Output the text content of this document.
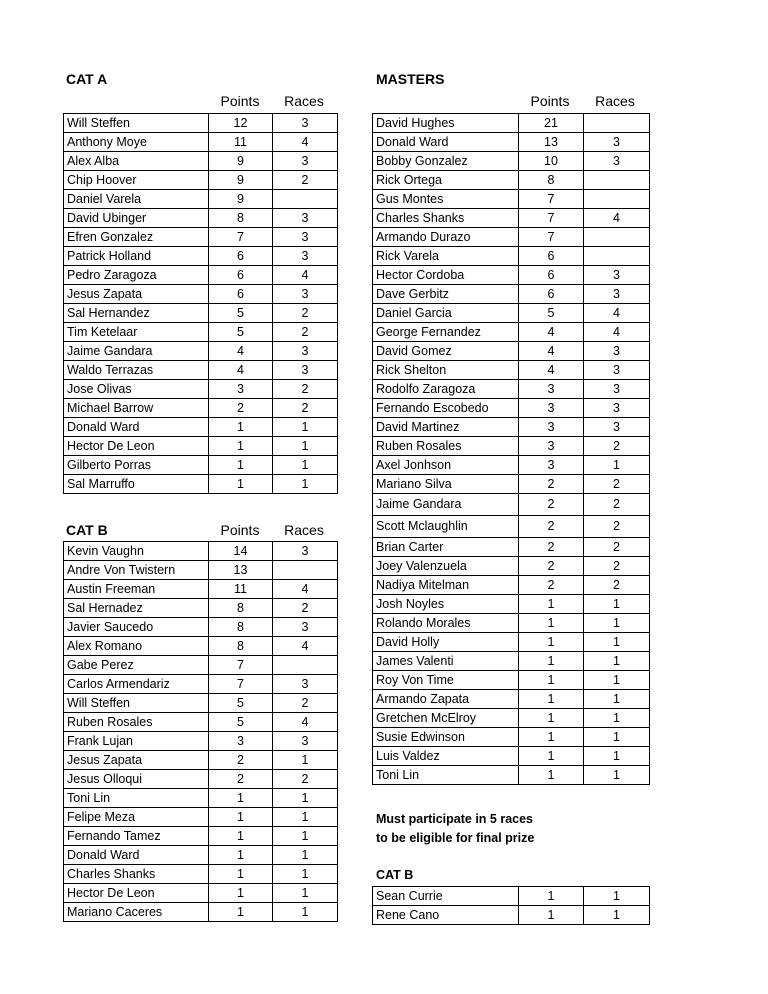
CAT A
Points	Races
Will Steffen	12	3
Anthony Moye	11	4
Alex Alba	9	3
Chip Hoover	9	2
Daniel Varela	9	
David Ubinger	8	3
Efren Gonzalez	7	3
Patrick Holland	6	3
Pedro Zaragoza	6	4
Jesus Zapata	6	3
Sal Hernandez	5	2
Tim Ketelaar	5	2
Jaime Gandara	4	3
Waldo Terrazas	4	3
Jose Olivas	3	2
Michael Barrow	2	2
Donald Ward	1	1
Hector De Leon	1	1
Gilberto Porras	1	1
Sal Marruffo	1	1
CAT B	Points	Races
Kevin Vaughn	14	3
Andre Von Twistern	13	
Austin Freeman	11	4
Sal Hernadez	8	2
Javier Saucedo	8	3
Alex Romano	8	4
Gabe Perez	7	
Carlos Armendariz	7	3
Will Steffen	5	2
Ruben Rosales	5	4
Frank Lujan	3	3
Jesus Zapata	2	1
Jesus Olloqui	2	2
Toni Lin	1	1
Felipe Meza	1	1
Fernando Tamez	1	1
Donald Ward	1	1
Charles Shanks	1	1
Hector De Leon	1	1
Mariano Caceres	1	1
MASTERS
Points	Races
David Hughes	21	
Donald Ward	13	3
Bobby Gonzalez	10	3
Rick Ortega	8	
Gus Montes	7	
Charles Shanks	7	4
Armando Durazo	7	
Rick Varela	6	
Hector Cordoba	6	3
Dave Gerbitz	6	3
Daniel Garcia	5	4
George Fernandez	4	4
David Gomez	4	3
Rick Shelton	4	3
Rodolfo Zaragoza	3	3
Fernando Escobedo	3	3
David Martinez	3	3
Ruben Rosales	3	2
Axel Jonhson	3	1
Mariano Silva	2	2
Jaime Gandara	2	2
Scott Mclaughlin	2	2
Brian Carter	2	2
Joey Valenzuela	2	2
Nadiya Mitelman	2	2
Josh Noyles	1	1
Rolando Morales	1	1
David Holly	1	1
James Valenti	1	1
Roy Von Time	1	1
Armando Zapata	1	1
Gretchen McElroy	1	1
Susie Edwinson	1	1
Luis Valdez	1	1
Toni Lin	1	1
Must participate in 5 races
to be eligible for final prize
CAT B
Sean Currie	1	1
Rene Cano	1	1
